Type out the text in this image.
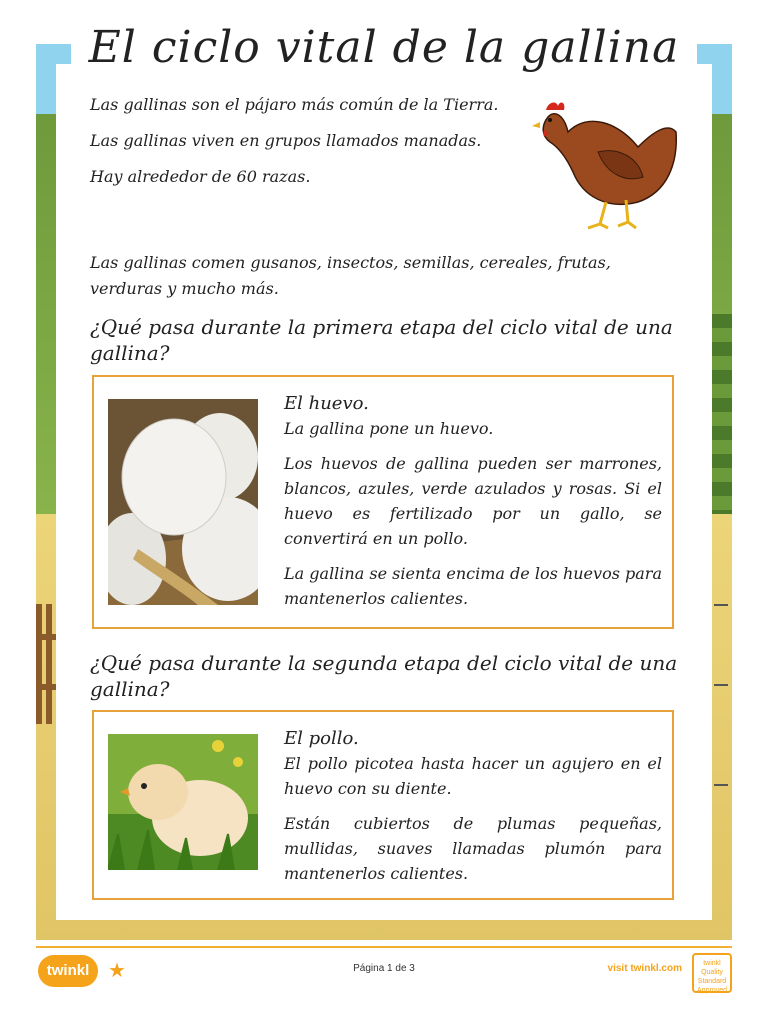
El ciclo vital de la gallina

Las gallinas son el pájaro más común de la Tierra.

Las gallinas viven en grupos llamados manadas.

Hay alrededor de 60 razas.

Las gallinas comen gusanos, insectos, semillas, cereales, frutas, verduras y mucho más.

¿Qué pasa durante la primera etapa del ciclo vital de una gallina?

El huevo.

La gallina pone un huevo.

Los huevos de gallina pueden ser marrones, blancos, azules, verde azulados y rosas. Si el huevo es fertilizado por un gallo, se convertirá en un pollo.

La gallina se sienta encima de los huevos para mantenerlos calientes.

¿Qué pasa durante la segunda etapa del ciclo vital de una gallina?

El pollo.

El pollo picotea hasta hacer un agujero en el huevo con su diente.

Están cubiertos de plumas pequeñas, mullidas, suaves llamadas plumón para mantenerlos calientes.

twinkl ★	Página 1 de 3	visit twinkl.com	twinkl Quality Standard Approved
